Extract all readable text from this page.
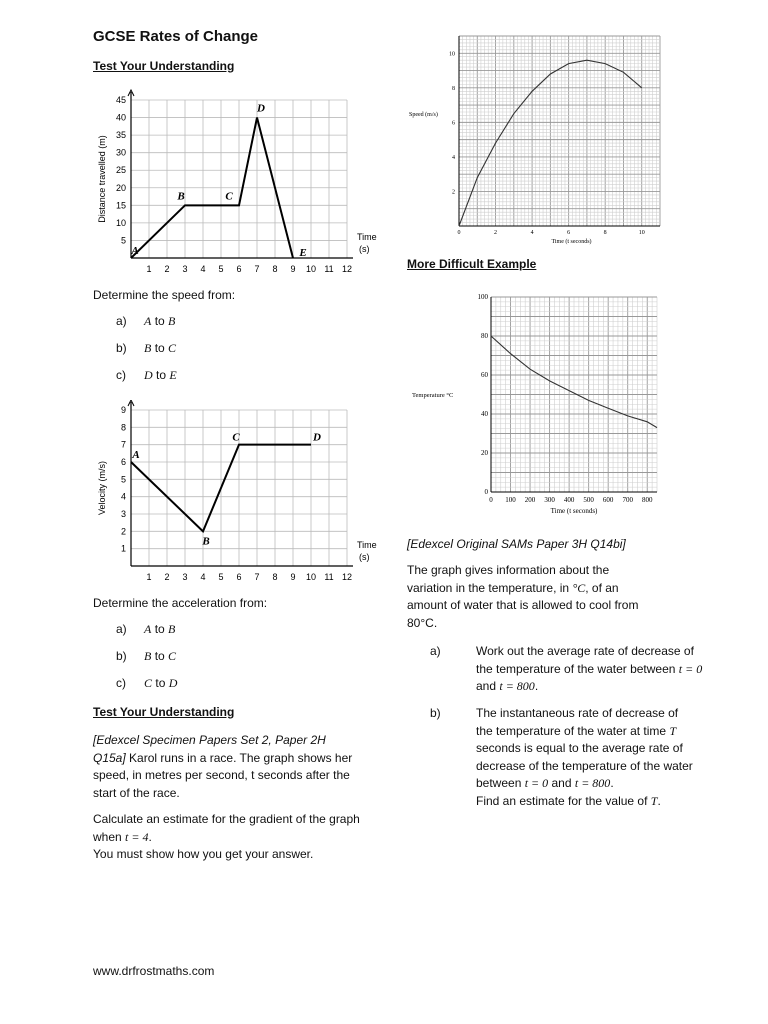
GCSE Rates of Change
Test Your Understanding
1 2 3 4 5 6 7 8 9 10 11 12
5
10
15
20
25
30
35
40
45
Distance travelled (m)
Time
(s)
A
B	C
D
E
Determine the speed from:
a) A to B
b) B to C
c) D to E
1 2 3 4 5 6 7 8 9 10 11 12
1
2
3
4
5
6
7
8
9
Velocity (m/s)
Time
(s)
A
B
C	D
Determine the acceleration from:
a) A to B
b) B to C
c) C to D
Test Your Understanding
[Edexcel Specimen Papers Set 2, Paper 2H Q15a] Karol runs in a race. The graph shows her speed, in metres per second, t seconds after the start of the race.
Calculate an estimate for the gradient of the graph when t = 4.
You must show how you get your answer.
0	2	4	6	8	10
2
4
6
8
10
Speed (m/s)
Time (t seconds)
More Difficult Example
0 100 200 300 400 500 600 700 800
0
20
40
60
80
100
Temperature °C
Time (t seconds)
[Edexcel Original SAMs Paper 3H Q14bi]
The graph gives information about the variation in the temperature, in °C, of an amount of water that is allowed to cool from 80°C.
a)	Work out the average rate of decrease of the temperature of the water between t = 0 and t = 800.
b)	The instantaneous rate of decrease of the temperature of the water at time T seconds is equal to the average rate of decrease of the temperature of the water between t = 0 and t = 800.
Find an estimate for the value of T.
www.drfrostmaths.com
